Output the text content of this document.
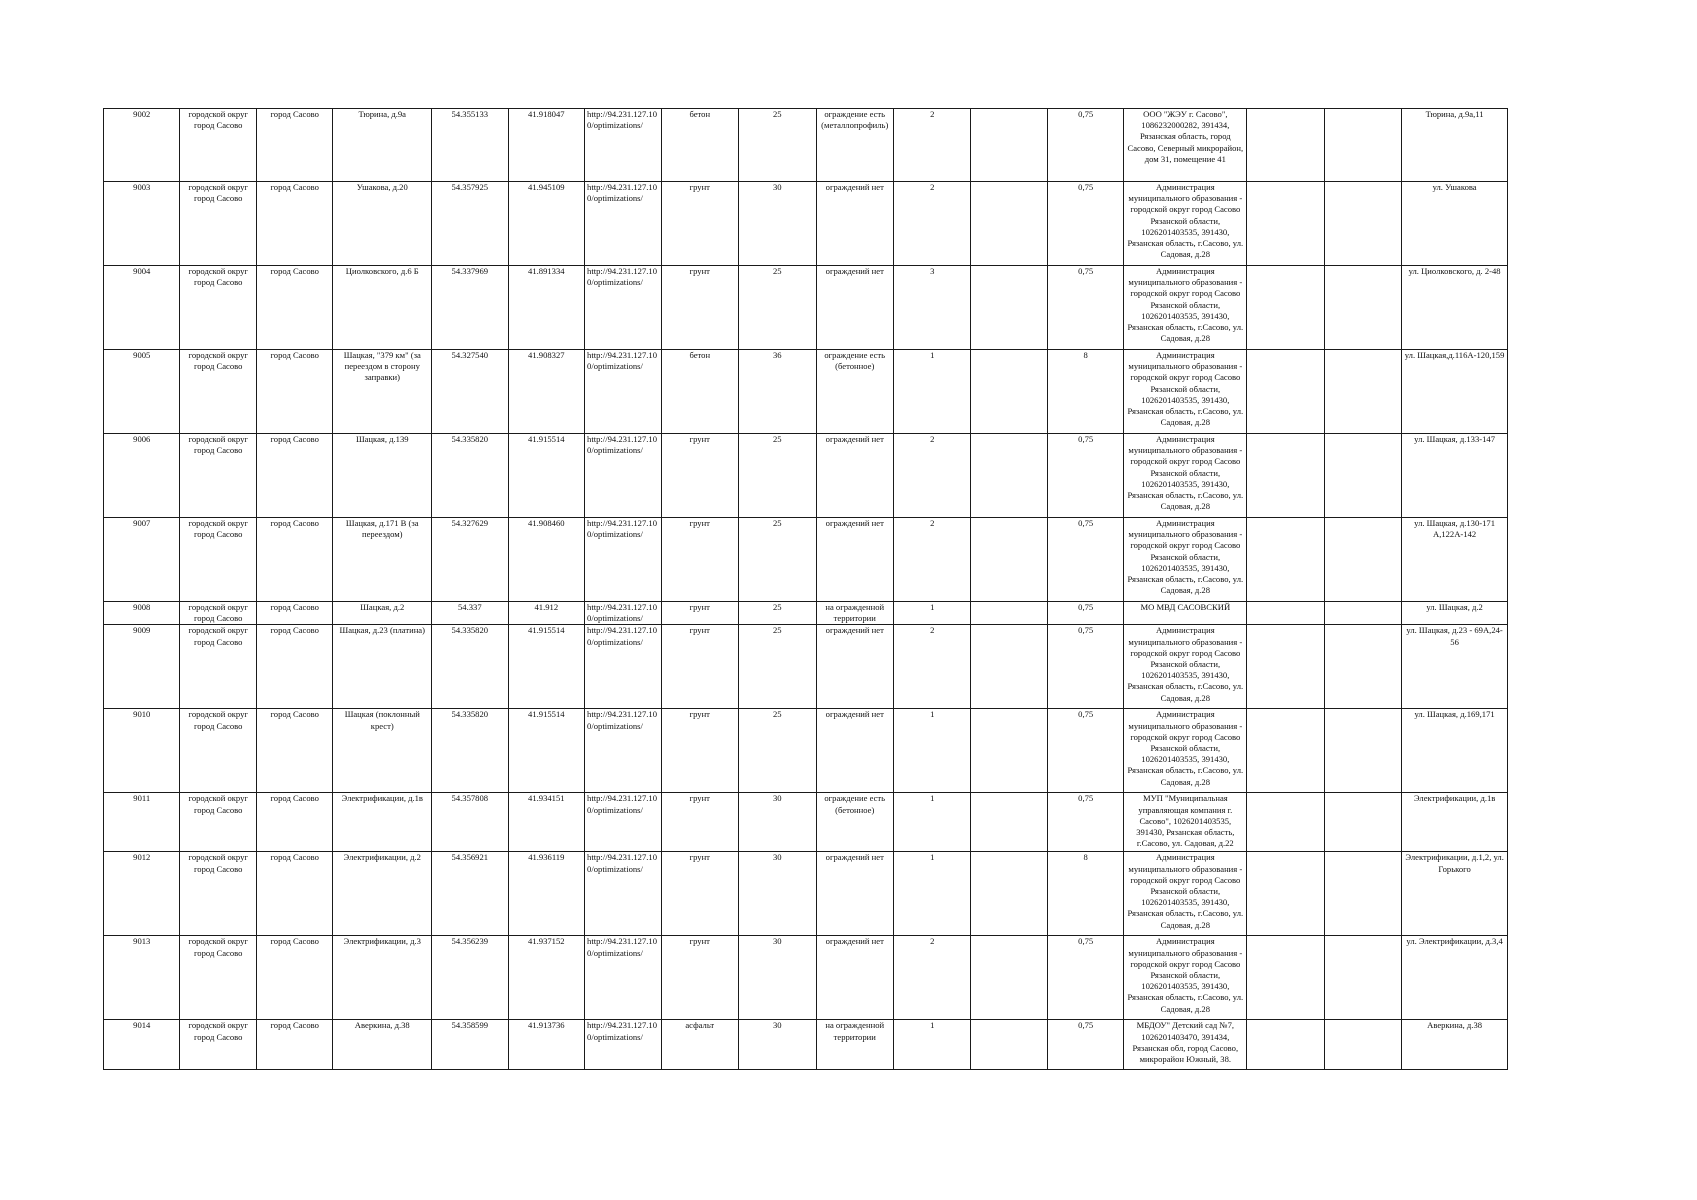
9002	городской округ город Сасово	город Сасово	Тюрина, д.9а	54.355133	41.918047	http://94.231.127.10 0/optimizations/	бетон	25	ограждение есть (металлопрофиль)	2		0,75	ООО "ЖЭУ г. Сасово", 1086232000282, 391434, Рязанская область, город Сасово, Северный микрорайон, дом 31, помещение 41			Тюрина, д.9а,11
9003	городской округ город Сасово	город Сасово	Ушакова, д.20	54.357925	41.945109	http://94.231.127.10 0/optimizations/	грунт	30	ограждений нет	2		0,75	Администрация муниципального образования - городской округ город Сасово Рязанской области, 1026201403535, 391430, Рязанская область, г.Сасово, ул. Садовая, д.28			ул. Ушакова
9004	городской округ город Сасово	город Сасово	Циолковского, д.6 Б	54.337969	41.891334	http://94.231.127.10 0/optimizations/	грунт	25	ограждений нет	3		0,75	Администрация муниципального образования - городской округ город Сасово Рязанской области, 1026201403535, 391430, Рязанская область, г.Сасово, ул. Садовая, д.28			ул. Циолковского, д. 2-48
9005	городской округ город Сасово	город Сасово	Шацкая, "379 км" (за переездом в сторону заправки)	54.327540	41.908327	http://94.231.127.10 0/optimizations/	бетон	36	ограждение есть (бетонное)	1		8	Администрация муниципального образования - городской округ город Сасово Рязанской области, 1026201403535, 391430, Рязанская область, г.Сасово, ул. Садовая, д.28			ул. Шацкая,д.116А-120,159
9006	городской округ город Сасово	город Сасово	Шацкая, д.139	54.335820	41.915514	http://94.231.127.10 0/optimizations/	грунт	25	ограждений нет	2		0,75	Администрация муниципального образования - городской округ город Сасово Рязанской области, 1026201403535, 391430, Рязанская область, г.Сасово, ул. Садовая, д.28			ул. Шацкая, д.133-147
9007	городской округ город Сасово	город Сасово	Шацкая, д.171 В (за переездом)	54.327629	41.908460	http://94.231.127.10 0/optimizations/	грунт	25	ограждений нет	2		0,75	Администрация муниципального образования - городской округ город Сасово Рязанской области, 1026201403535, 391430, Рязанская область, г.Сасово, ул. Садовая, д.28			ул. Шацкая, д.130-171 А,122А-142
9008	городской округ город Сасово	город Сасово	Шацкая, д.2	54.337	41.912	http://94.231.127.10 0/optimizations/	грунт	25	на огражденной территории	1		0,75	МО МВД САСОВСКИЙ			ул. Шацкая, д.2
9009	городской округ город Сасово	город Сасово	Шацкая, д.23 (платина)	54.335820	41.915514	http://94.231.127.10 0/optimizations/	грунт	25	ограждений нет	2		0,75	Администрация муниципального образования - городской округ город Сасово Рязанской области, 1026201403535, 391430, Рязанская область, г.Сасово, ул. Садовая, д.28			ул. Шацкая, д.23 - 69А,24-56
9010	городской округ город Сасово	город Сасово	Шацкая (поклонный крест)	54.335820	41.915514	http://94.231.127.10 0/optimizations/	грунт	25	ограждений нет	1		0,75	Администрация муниципального образования - городской округ город Сасово Рязанской области, 1026201403535, 391430, Рязанская область, г.Сасово, ул. Садовая, д.28			ул. Шацкая, д.169,171
9011	городской округ город Сасово	город Сасово	Электрификации, д.1в	54.357808	41.934151	http://94.231.127.10 0/optimizations/	грунт	30	ограждение есть (бетонное)	1		0,75	МУП "Муниципальная управляющая компания г. Сасово", 1026201403535, 391430, Рязанская область, г.Сасово, ул. Садовая, д.22			Электрификации, д.1в
9012	городской округ город Сасово	город Сасово	Электрификации, д.2	54.356921	41.936119	http://94.231.127.10 0/optimizations/	грунт	30	ограждений нет	1		8	Администрация муниципального образования - городской округ город Сасово Рязанской области, 1026201403535, 391430, Рязанская область, г.Сасово, ул. Садовая, д.28			Электрификации, д.1,2, ул. Горького
9013	городской округ город Сасово	город Сасово	Электрификации, д.3	54.356239	41.937152	http://94.231.127.10 0/optimizations/	грунт	30	ограждений нет	2		0,75	Администрация муниципального образования - городской округ город Сасово Рязанской области, 1026201403535, 391430, Рязанская область, г.Сасово, ул. Садовая, д.28			ул. Электрификации, д.3,4
9014	городской округ город Сасово	город Сасово	Аверкина, д.38	54.358599	41.913736	http://94.231.127.10 0/optimizations/	асфальт	30	на огражденной территории	1		0,75	МБДОУ" Детский сад №7, 1026201403470, 391434, Рязанская обл, город Сасово, микрорайон Южный, 38.			Аверкина, д.38
